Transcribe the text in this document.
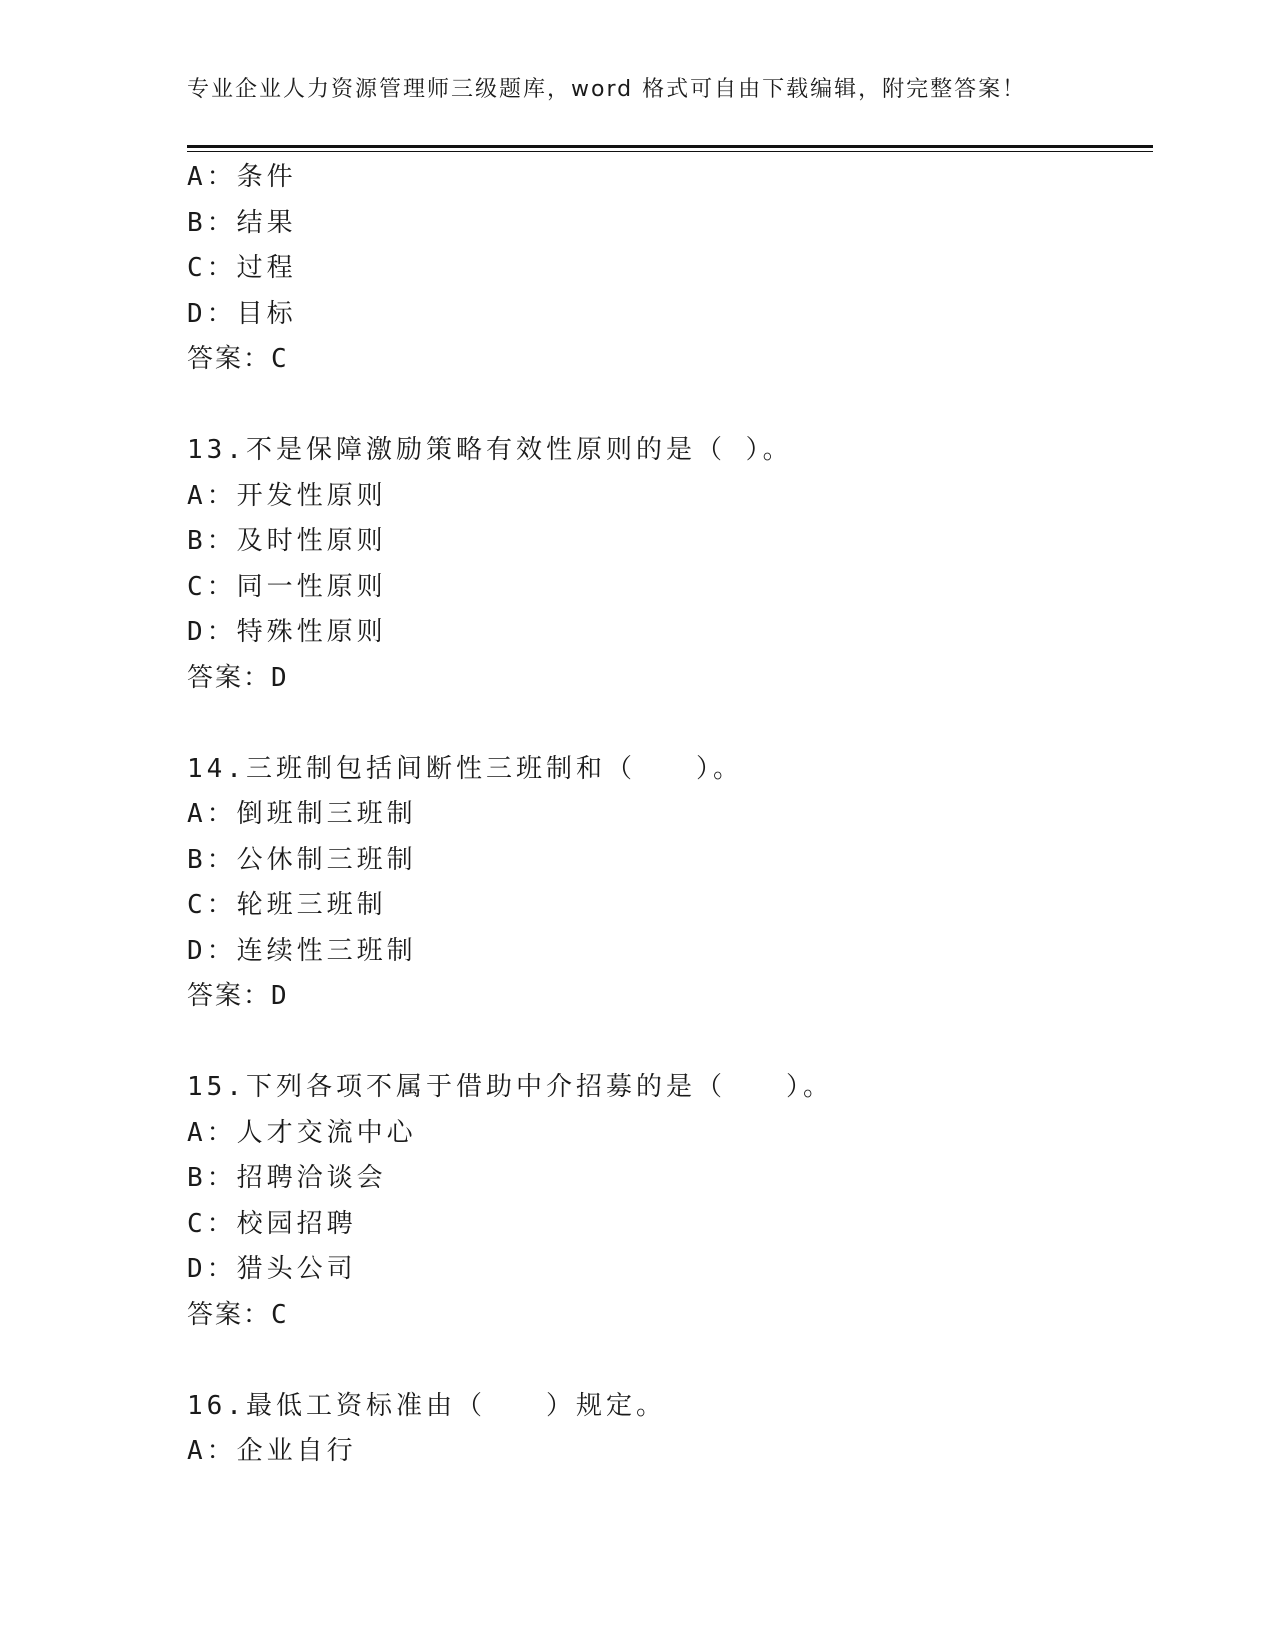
专业企业人力资源管理师三级题库，word 格式可自由下载编辑，附完整答案！
A：条件
B：结果
C：过程
D：目标
答案：C
13.不是保障激励策略有效性原则的是（ ）。
A：开发性原则
B：及时性原则
C：同一性原则
D：特殊性原则
答案：D
14.三班制包括间断性三班制和（　　）。
A：倒班制三班制
B：公休制三班制
C：轮班三班制
D：连续性三班制
答案：D
15.下列各项不属于借助中介招募的是（　　）。
A：人才交流中心
B：招聘洽谈会
C：校园招聘
D：猎头公司
答案：C
16.最低工资标准由（　　）规定。
A：企业自行
